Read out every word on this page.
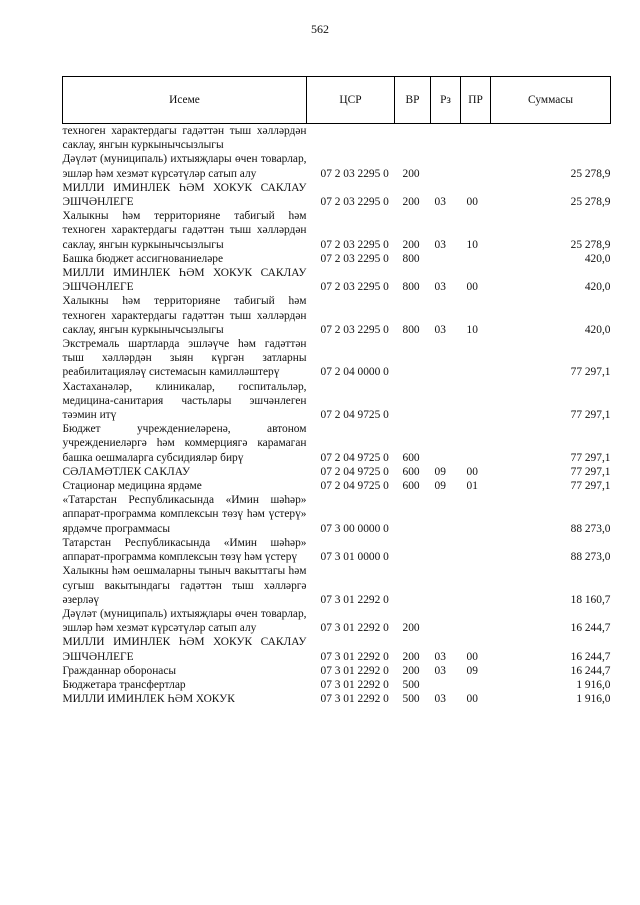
562
Исеме	ЦСР	ВР	Рз	ПР	Суммасы
техноген характердагы гадәттән тыш хәлләрдән саклау, янгын куркынычсызлыгы					
Дәүләт (муниципаль) ихтыяҗлары өчен товарлар, эшләр һәм хезмәт күрсәтүләр сатып алу	07 2 03 2295 0	200			25 278,9
МИЛЛИ ИМИНЛЕК ҺӘМ ХОКУК САКЛАУ ЭШЧӘНЛЕГЕ	07 2 03 2295 0	200	03	00	25 278,9
Халыкны һәм территорияне табигый һәм техноген характердагы гадәттән тыш хәлләрдән саклау, янгын куркынычсызлыгы	07 2 03 2295 0	200	03	10	25 278,9
Башка бюджет ассигнованиеләре	07 2 03 2295 0	800			420,0
МИЛЛИ ИМИНЛЕК ҺӘМ ХОКУК САКЛАУ ЭШЧӘНЛЕГЕ	07 2 03 2295 0	800	03	00	420,0
Халыкны һәм территорияне табигый һәм техноген характердагы гадәттән тыш хәлләрдән саклау, янгын куркынычсызлыгы	07 2 03 2295 0	800	03	10	420,0
Экстремаль шартларда эшләүче һәм гадәттән тыш хәлләрдән зыян күргән затларны реабилитацияләү системасын камилләштерү	07 2 04 0000 0				77 297,1
Хастаханәләр, клиникалар, госпитальләр, медицина-санитария частьлары эшчәнлеген тәэмин итү	07 2 04 9725 0				77 297,1
Бюджет учреждениеләренә, автоном учреждениеләргә һәм коммерциягә карамаган башка оешмаларга субсидияләр бирү	07 2 04 9725 0	600			77 297,1
СӘЛАМӘТЛЕК САКЛАУ	07 2 04 9725 0	600	09	00	77 297,1
Стационар медицина ярдәме	07 2 04 9725 0	600	09	01	77 297,1
«Татарстан Республикасында «Имин шәһәр» аппарат-программа комплексын төзү һәм үстерү» ярдәмче программасы	07 3 00 0000 0				88 273,0
Татарстан Республикасында «Имин шәһәр» аппарат-программа комплексын төзү һәм үстерү	07 3 01 0000 0				88 273,0
Халыкны һәм оешмаларны тыныч вакыттагы һәм сугыш вакытындагы гадәттән тыш хәлләргә әзерләү	07 3 01 2292 0				18 160,7
Дәүләт (муниципаль) ихтыяҗлары өчен товарлар, эшләр һәм хезмәт күрсәтүләр сатып алу	07 3 01 2292 0	200			16 244,7
МИЛЛИ ИМИНЛЕК ҺӘМ ХОКУК САКЛАУ ЭШЧӘНЛЕГЕ	07 3 01 2292 0	200	03	00	16 244,7
Гражданнар оборонасы	07 3 01 2292 0	200	03	09	16 244,7
Бюджетара трансфертлар	07 3 01 2292 0	500			1 916,0
МИЛЛИ ИМИНЛЕК ҺӘМ ХОКУК	07 3 01 2292 0	500	03	00	1 916,0
